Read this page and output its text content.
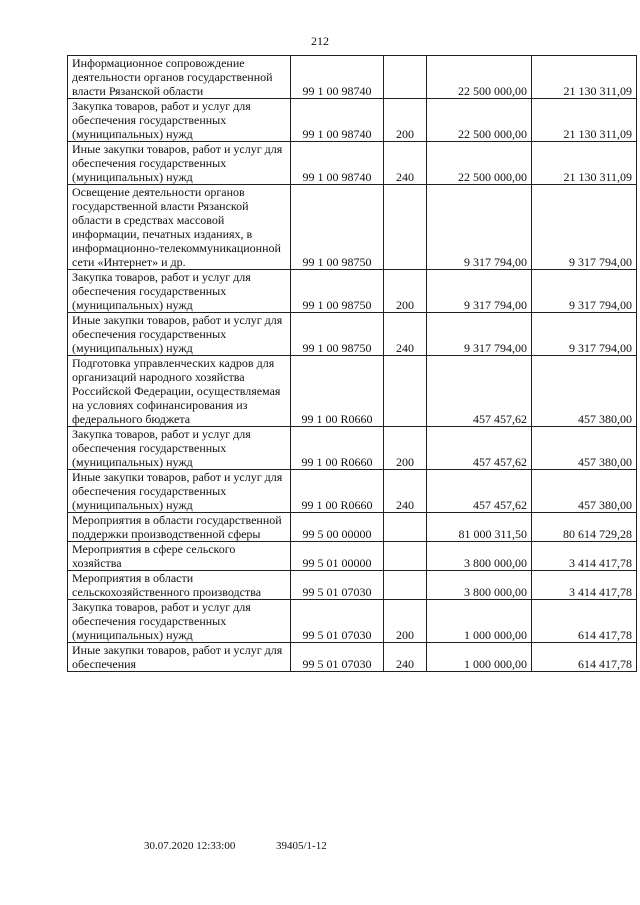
212
Информационное сопровождение деятельности органов государственной власти Рязанской области	99 1 00 98740		22 500 000,00	21 130 311,09
Закупка товаров, работ и услуг для обеспечения государственных (муниципальных) нужд	99 1 00 98740	200	22 500 000,00	21 130 311,09
Иные закупки товаров, работ и услуг для обеспечения государственных (муниципальных) нужд	99 1 00 98740	240	22 500 000,00	21 130 311,09
Освещение деятельности органов государственной власти Рязанской области в средствах массовой информации, печатных изданиях, в информационно-телекоммуникационной сети «Интернет» и др.	99 1 00 98750		9 317 794,00	9 317 794,00
Закупка товаров, работ и услуг для обеспечения государственных (муниципальных) нужд	99 1 00 98750	200	9 317 794,00	9 317 794,00
Иные закупки товаров, работ и услуг для обеспечения государственных (муниципальных) нужд	99 1 00 98750	240	9 317 794,00	9 317 794,00
Подготовка управленческих кадров для организаций народного хозяйства Российской Федерации, осуществляемая на условиях софинансирования из федерального бюджета	99 1 00 R0660		457 457,62	457 380,00
Закупка товаров, работ и услуг для обеспечения государственных (муниципальных) нужд	99 1 00 R0660	200	457 457,62	457 380,00
Иные закупки товаров, работ и услуг для обеспечения государственных (муниципальных) нужд	99 1 00 R0660	240	457 457,62	457 380,00
Мероприятия в области государственной поддержки производственной сферы	99 5 00 00000		81 000 311,50	80 614 729,28
Мероприятия в сфере сельского хозяйства	99 5 01 00000		3 800 000,00	3 414 417,78
Мероприятия в области сельскохозяйственного производства	99 5 01 07030		3 800 000,00	3 414 417,78
Закупка товаров, работ и услуг для обеспечения государственных (муниципальных) нужд	99 5 01 07030	200	1 000 000,00	614 417,78
Иные закупки товаров, работ и услуг для обеспечения	99 5 01 07030	240	1 000 000,00	614 417,78
30.07.2020 12:33:00	39405/1-12
